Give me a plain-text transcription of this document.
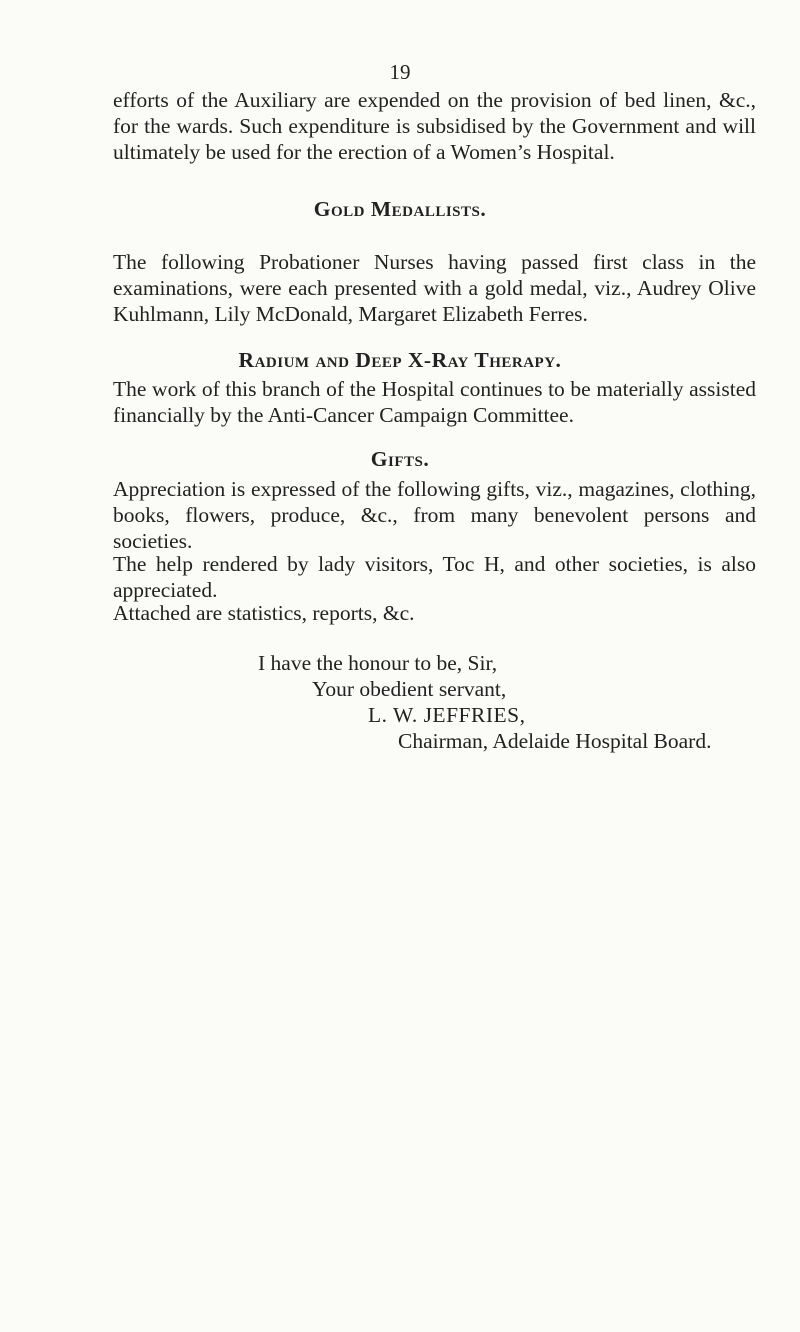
19

efforts of the Auxiliary are expended on the provision of bed linen, &c., for the wards. Such expenditure is subsidised by the Government and will ultimately be used for the erection of a Women’s Hospital.

Gold Medallists.

The following Probationer Nurses having passed first class in the examinations, were each presented with a gold medal, viz., Audrey Olive Kuhlmann, Lily McDonald, Margaret Elizabeth Ferres.

Radium and Deep X-Ray Therapy.

The work of this branch of the Hospital continues to be materially assisted financially by the Anti-Cancer Campaign Committee.

Gifts.

Appreciation is expressed of the following gifts, viz., magazines, clothing, books, flowers, produce, &c., from many benevolent persons and societies.

The help rendered by lady visitors, Toc H, and other societies, is also appreciated.

Attached are statistics, reports, &c.

I have the honour to be, Sir,

Your obedient servant,

L. W. JEFFRIES,

Chairman, Adelaide Hospital Board.
